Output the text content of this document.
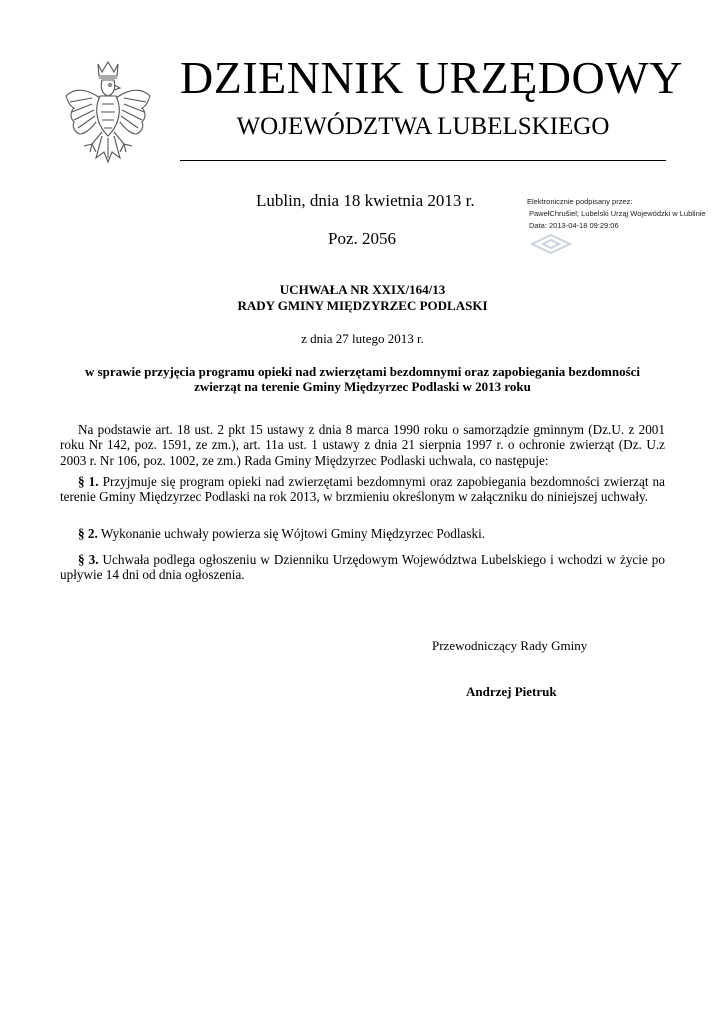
DZIENNIK URZĘDOWY
WOJEWÓDZTWA LUBELSKIEGO
Lublin, dnia 18 kwietnia 2013 r.
Poz. 2056
Elektronicznie podpisany przez:
PawełChrušiel; Lubelski Urząj Wojewódzki w Lublinie
Data: 2013-04-18 09:29:06
UCHWAŁA NR XXIX/164/13
RADY GMINY MIĘDZYRZEC PODLASKI
z dnia 27 lutego 2013 r.
w sprawie przyjęcia programu opieki nad zwierzętami bezdomnymi oraz zapobiegania bezdomności
zwierząt na terenie Gminy Międzyrzec Podlaski w 2013 roku
Na podstawie art. 18 ust. 2 pkt 15 ustawy z dnia 8 marca 1990 roku o samorządzie gminnym (Dz.U. z 2001 roku Nr 142, poz. 1591, ze zm.), art. 11a ust. 1 ustawy z dnia 21 sierpnia 1997 r. o ochronie zwierząt (Dz. U.z 2003 r. Nr 106, poz. 1002, ze zm.) Rada Gminy Międzyrzec Podlaski uchwala, co następuje:
§ 1. Przyjmuje się program opieki nad zwierzętami bezdomnymi oraz zapobiegania bezdomności zwierząt na terenie Gminy Międzyrzec Podlaski na rok 2013, w brzmieniu określonym w załączniku do niniejszej uchwały.
§ 2. Wykonanie uchwały powierza się Wójtowi Gminy Międzyrzec Podlaski.
§ 3. Uchwała podlega ogłoszeniu w Dzienniku Urzędowym Województwa Lubelskiego i wchodzi w życie po upływie 14 dni od dnia ogłoszenia.
Przewodniczący Rady Gminy
Andrzej Pietruk
